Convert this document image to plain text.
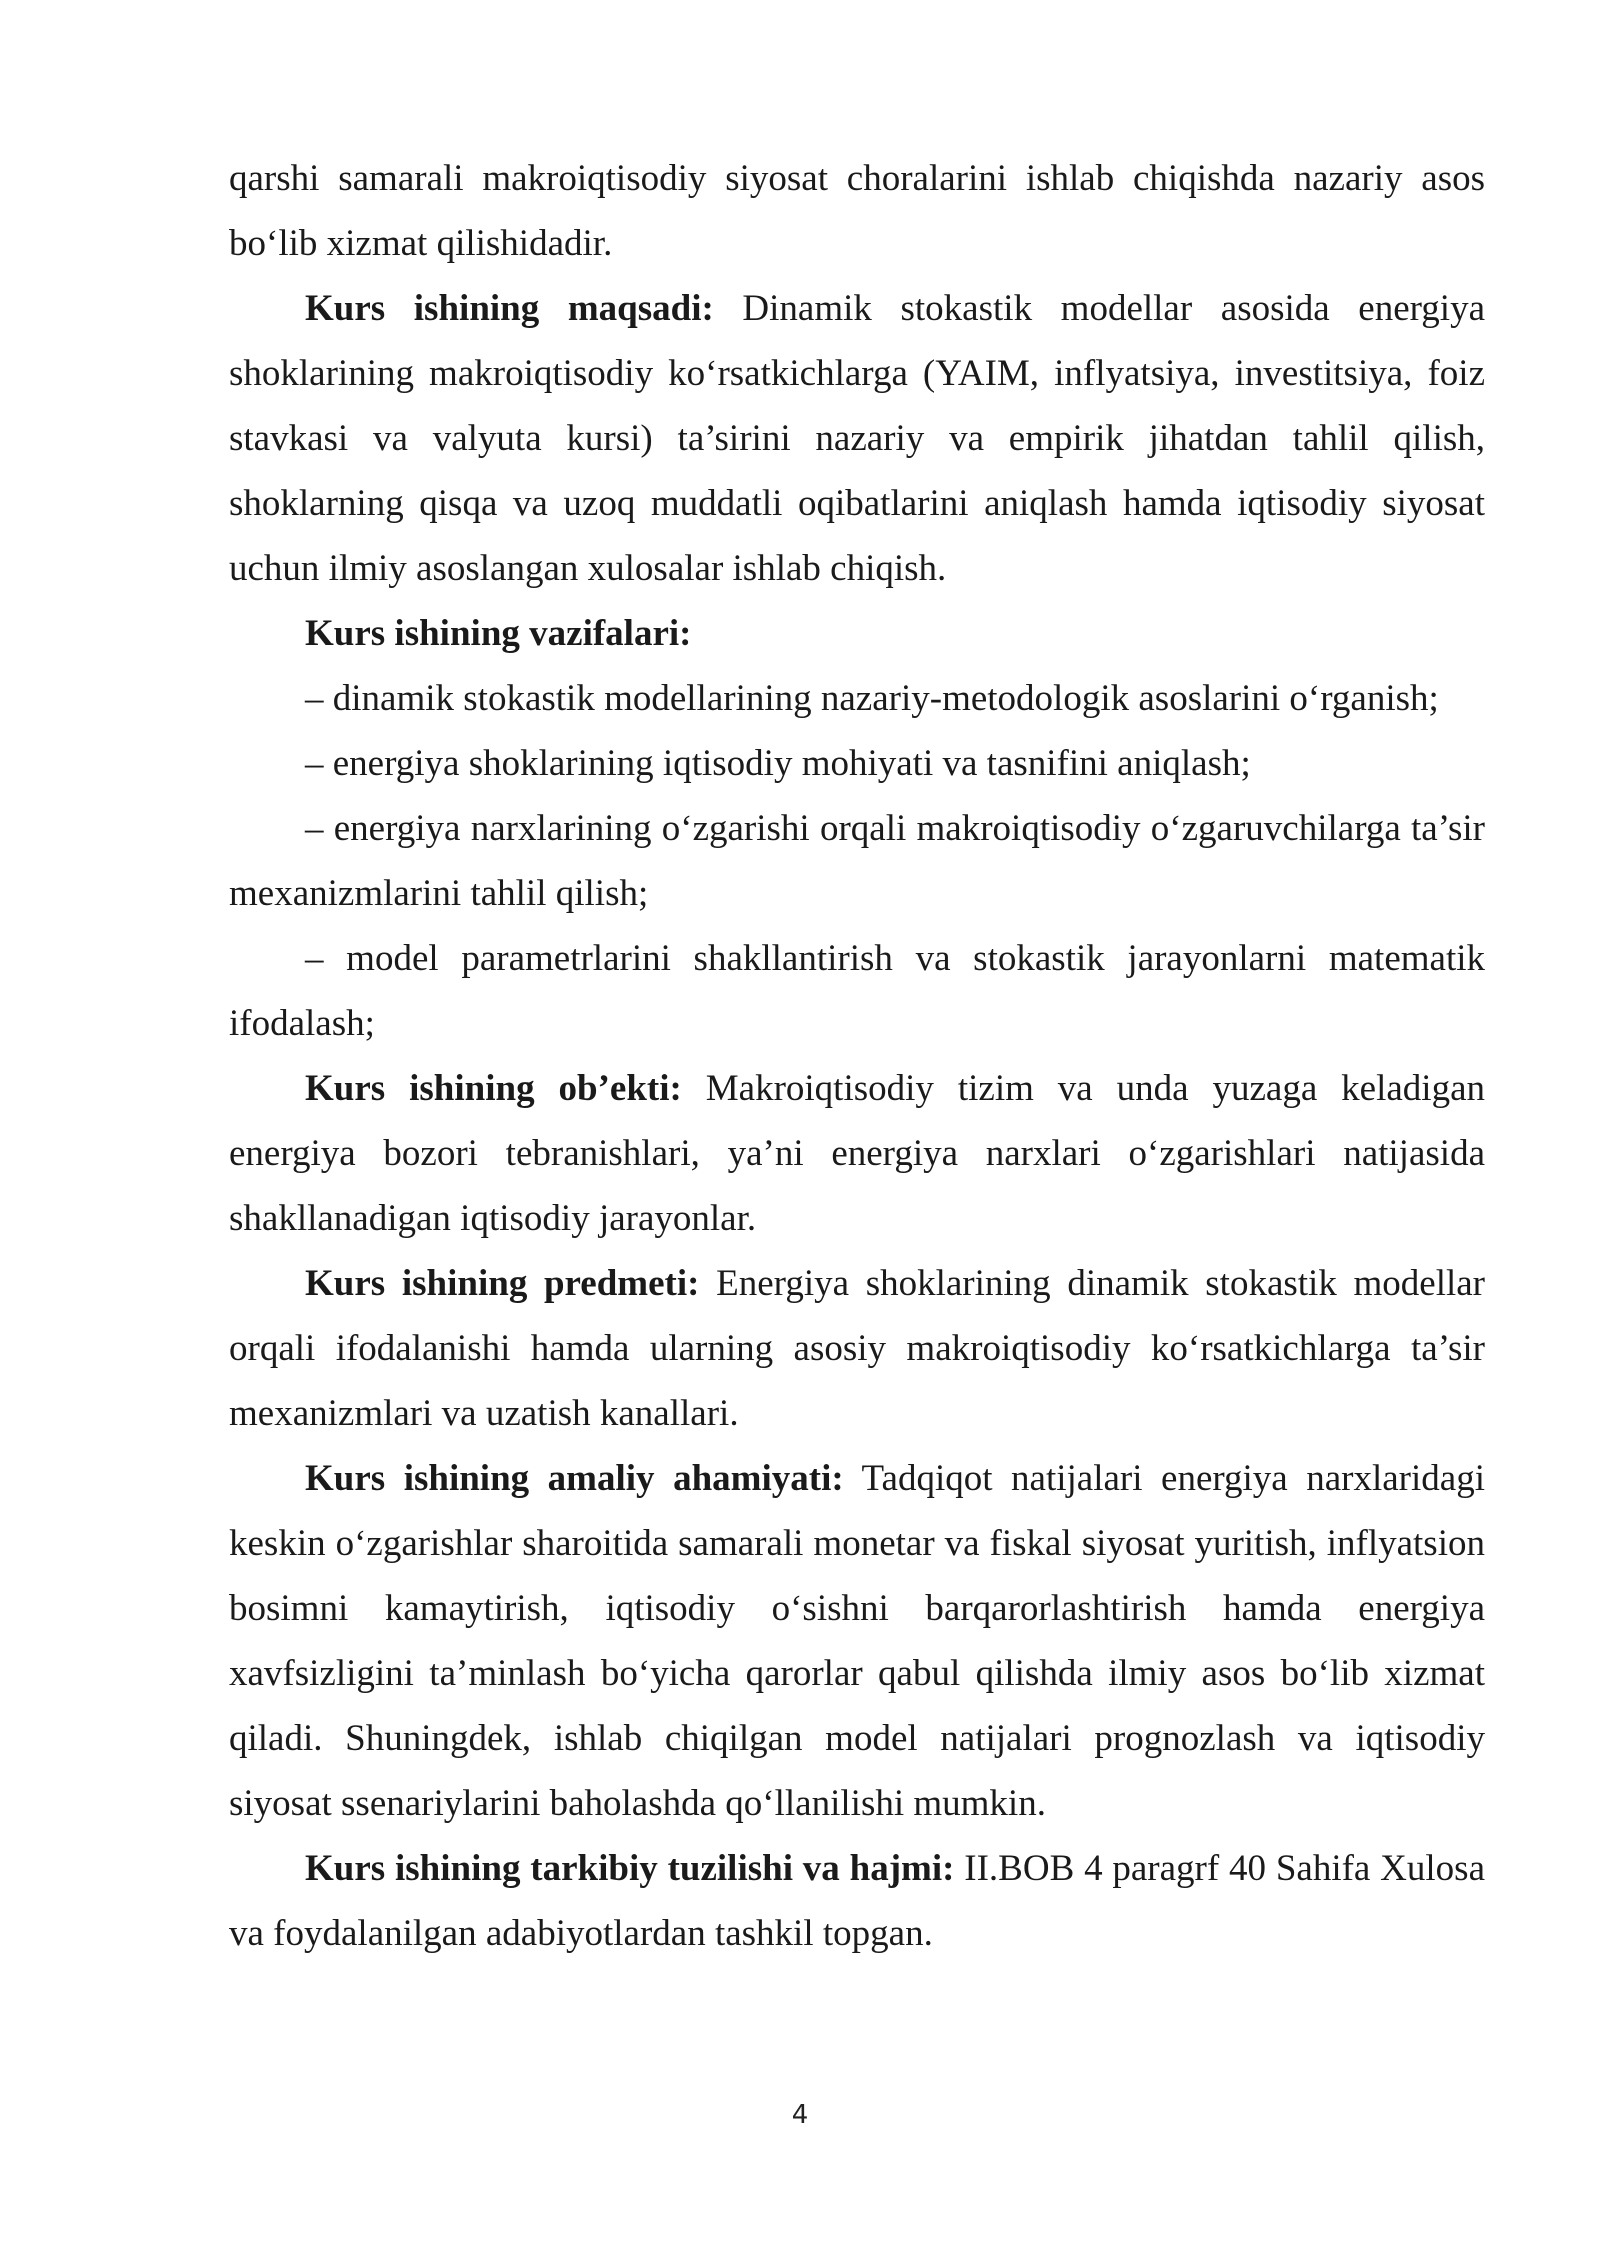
qarshi samarali makroiqtisodiy siyosat choralarini ishlab chiqishda nazariy asos bo‘lib xizmat qilishidadir.

Kurs ishining maqsadi: Dinamik stokastik modellar asosida energiya shoklarining makroiqtisodiy ko‘rsatkichlarga (YAIM, inflyatsiya, investitsiya, foiz stavkasi va valyuta kursi) ta’sirini nazariy va empirik jihatdan tahlil qilish, shoklarning qisqa va uzoq muddatli oqibatlarini aniqlash hamda iqtisodiy siyosat uchun ilmiy asoslangan xulosalar ishlab chiqish.

Kurs ishining vazifalari:

– dinamik stokastik modellarining nazariy-metodologik asoslarini o‘rganish;

– energiya shoklarining iqtisodiy mohiyati va tasnifini aniqlash;

– energiya narxlarining o‘zgarishi orqali makroiqtisodiy o‘zgaruvchilarga ta’sir mexanizmlarini tahlil qilish;

– model parametrlarini shakllantirish va stokastik jarayonlarni matematik ifodalash;

Kurs ishining ob’ekti: Makroiqtisodiy tizim va unda yuzaga keladigan energiya bozori tebranishlari, ya’ni energiya narxlari o‘zgarishlari natijasida shakllanadigan iqtisodiy jarayonlar.

Kurs ishining predmeti: Energiya shoklarining dinamik stokastik modellar orqali ifodalanishi hamda ularning asosiy makroiqtisodiy ko‘rsatkichlarga ta’sir mexanizmlari va uzatish kanallari.

Kurs ishining amaliy ahamiyati: Tadqiqot natijalari energiya narxlaridagi keskin o‘zgarishlar sharoitida samarali monetar va fiskal siyosat yuritish, inflyatsion bosimni kamaytirish, iqtisodiy o‘sishni barqarorlashtirish hamda energiya xavfsizligini ta’minlash bo‘yicha qarorlar qabul qilishda ilmiy asos bo‘lib xizmat qiladi. Shuningdek, ishlab chiqilgan model natijalari prognozlash va iqtisodiy siyosat ssenariylarini baholashda qo‘llanilishi mumkin.

Kurs ishining tarkibiy tuzilishi va hajmi: II.BOB 4 paragrf 40 Sahifa Xulosa va foydalanilgan adabiyotlardan tashkil topgan.

4
